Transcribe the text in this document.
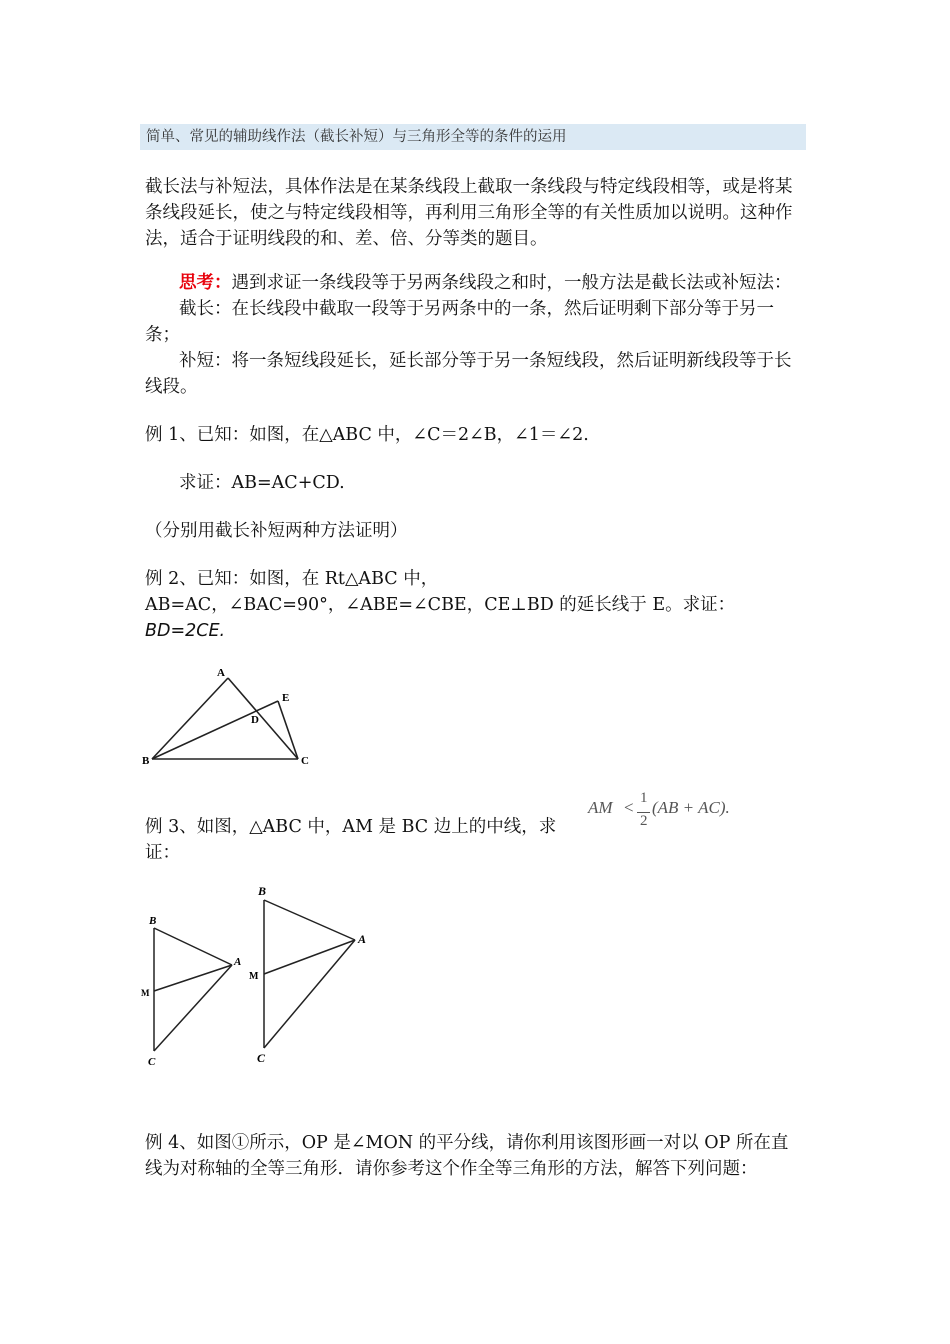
简单、常见的辅助线作法（截长补短）与三角形全等的条件的运用

截长法与补短法，具体作法是在某条线段上截取一条线段与特定线段相等，或是将某条线段延长，使之与特定线段相等，再利用三角形全等的有关性质加以说明。这种作法，适合于证明线段的和、差、倍、分等类的题目。

思考：遇到求证一条线段等于另两条线段之和时，一般方法是截长法或补短法：

截长：在长线段中截取一段等于另两条中的一条，然后证明剩下部分等于另一条；

补短：将一条短线段延长，延长部分等于另一条短线段，然后证明新线段等于长线段。

例 1、已知：如图，在△ABC 中，∠C＝2∠B，∠1＝∠2.

求证：AB=AC+CD.

（分别用截长补短两种方法证明）

例 2、已知：如图，在 Rt△ABC 中，

AB=AC，∠BAC=90°，∠ABE=∠CBE，CE⊥BD 的延长线于 E。求证：

BD=2CE.

A
B	C
D
E

例 3、如图，△ABC 中，AM 是 BC 边上的中线，求证：

AM < 1
2
(AB + AC).
B
A
M
C
B
A
M
C

例 4、如图①所示，OP 是∠MON 的平分线，请你利用该图形画一对以 OP 所在直线为对称轴的全等三角形．请你参考这个作全等三角形的方法，解答下列问题：
